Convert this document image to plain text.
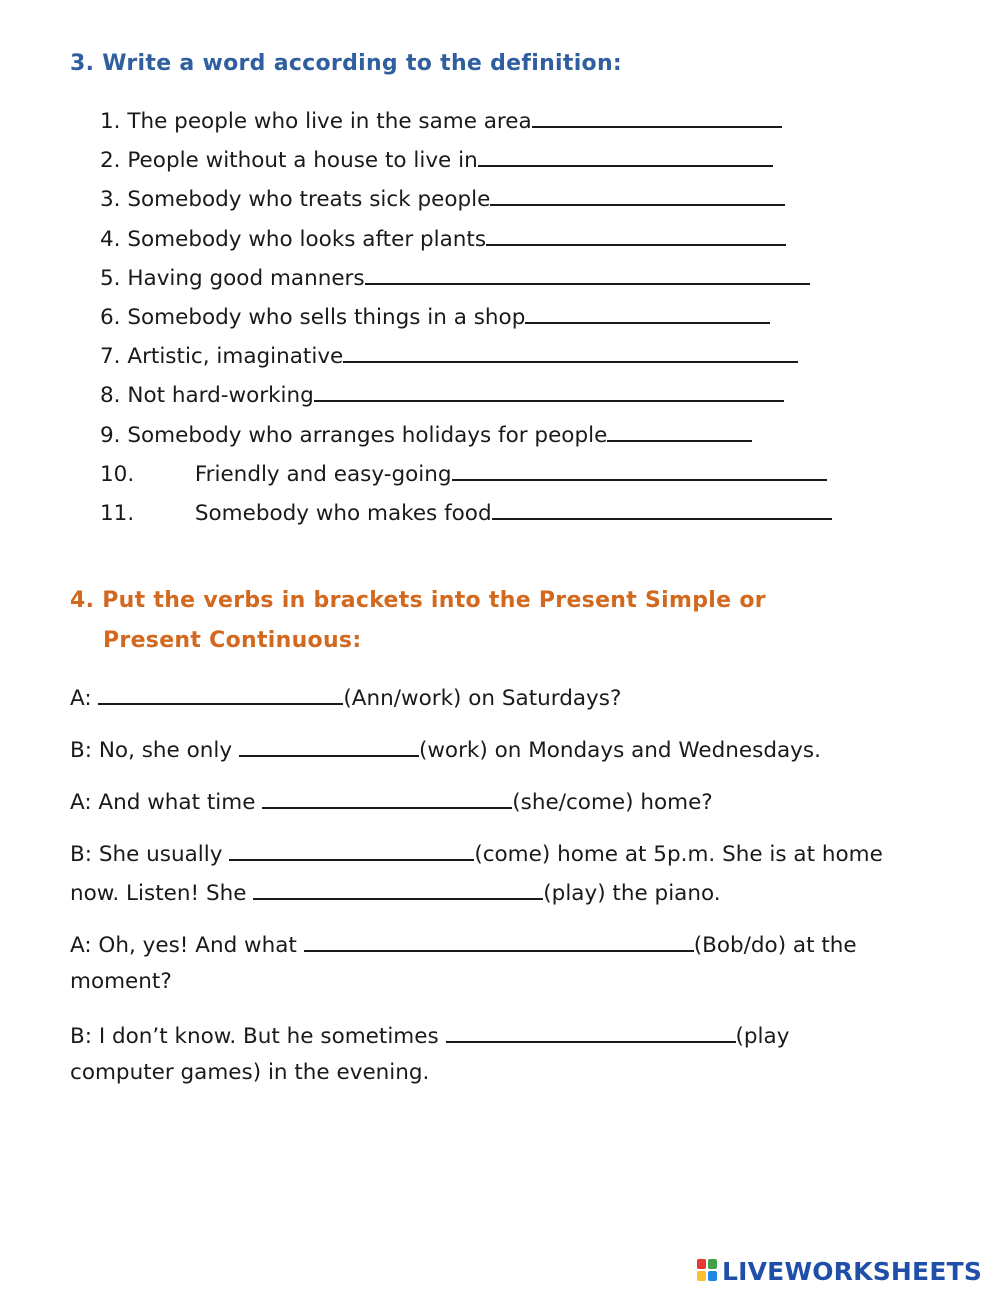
3. Write a word according to the definition:
1. The people who live in the same area
2. People without a house to live in
3. Somebody who treats sick people
4. Somebody who looks after plants
5. Having good manners
6. Somebody who sells things in a shop
7. Artistic, imaginative
8. Not hard-working
9. Somebody who arranges holidays for people
10.	Friendly and easy-going
11.	Somebody who makes food
4. Put the verbs in brackets into the Present Simple or
Present Continuous:
A:	(Ann/work) on Saturdays?
B: No, she only	(work) on Mondays and Wednesdays.
A: And what time	(she/come) home?
B: She usually	(come) home at 5p.m. She is at home
now. Listen! She	(play) the piano.
A: Oh, yes! And what	(Bob/do) at the
moment?
B: I don’t know. But he sometimes	(play
computer games) in the evening.
LIVEWORKSHEETS
